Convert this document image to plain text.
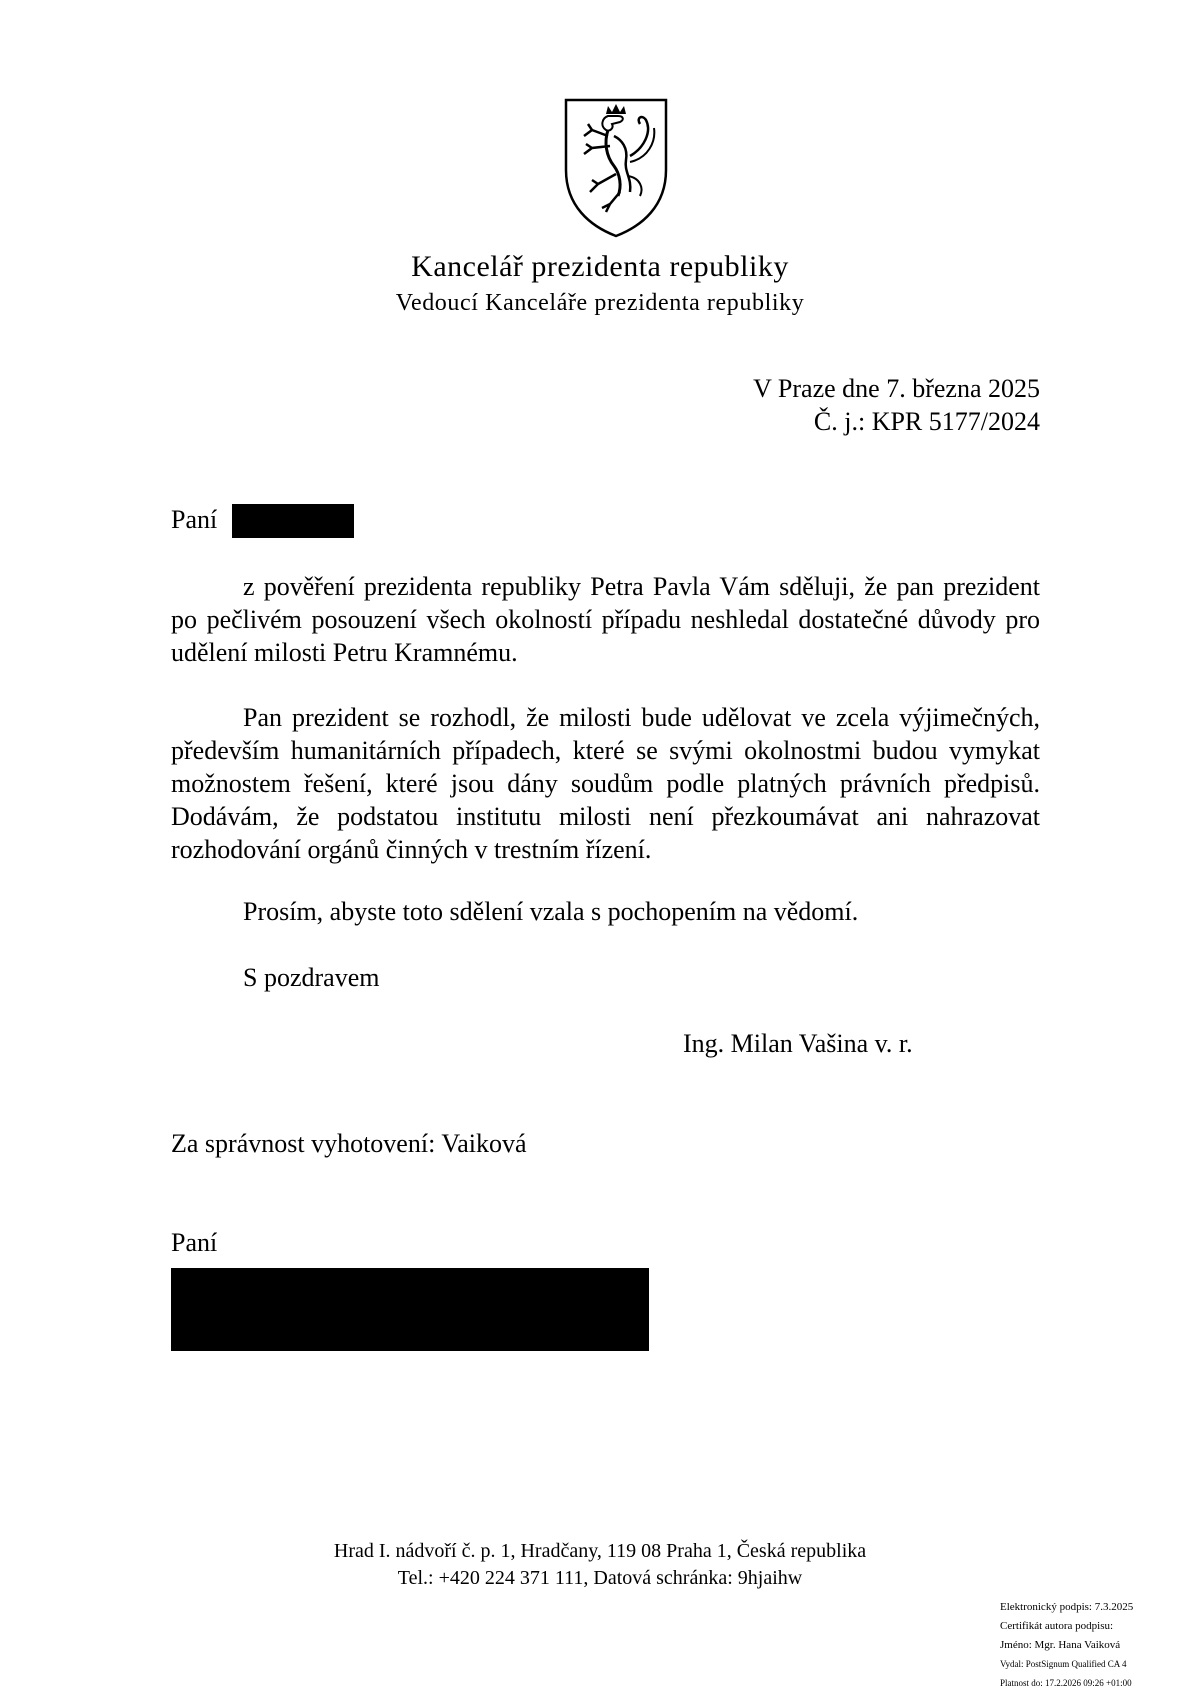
Kancelář prezidenta republiky
Vedoucí Kanceláře prezidenta republiky
V Praze dne 7. března 2025
Č. j.: KPR 5177/2024
Paní

z pověření prezidenta republiky Petra Pavla Vám sděluji, že pan prezident po pečlivém posouzení všech okolností případu neshledal dostatečné důvody pro udělení milosti Petru Kramnému.

Pan prezident se rozhodl, že milosti bude udělovat ve zcela výjimečných, především humanitárních případech, které se svými okolnostmi budou vymykat možnostem řešení, které jsou dány soudům podle platných právních předpisů. Dodávám, že podstatou institutu milosti není přezkoumávat ani nahrazovat rozhodování orgánů činných v trestním řízení.

Prosím, abyste toto sdělení vzala s pochopením na vědomí.
S pozdravem
Ing. Milan Vašina v. r.
Za správnost vyhotovení: Vaiková
Paní
Hrad I. nádvoří č. p. 1, Hradčany, 119 08 Praha 1, Česká republika
Tel.: +420 224 371 111, Datová schránka: 9hjaihw
Elektronický podpis: 7.3.2025
Certifikát autora podpisu:
Jméno: Mgr. Hana Vaiková
Vydal: PostSignum Qualified CA 4
Platnost do: 17.2.2026 09:26 +01:00
